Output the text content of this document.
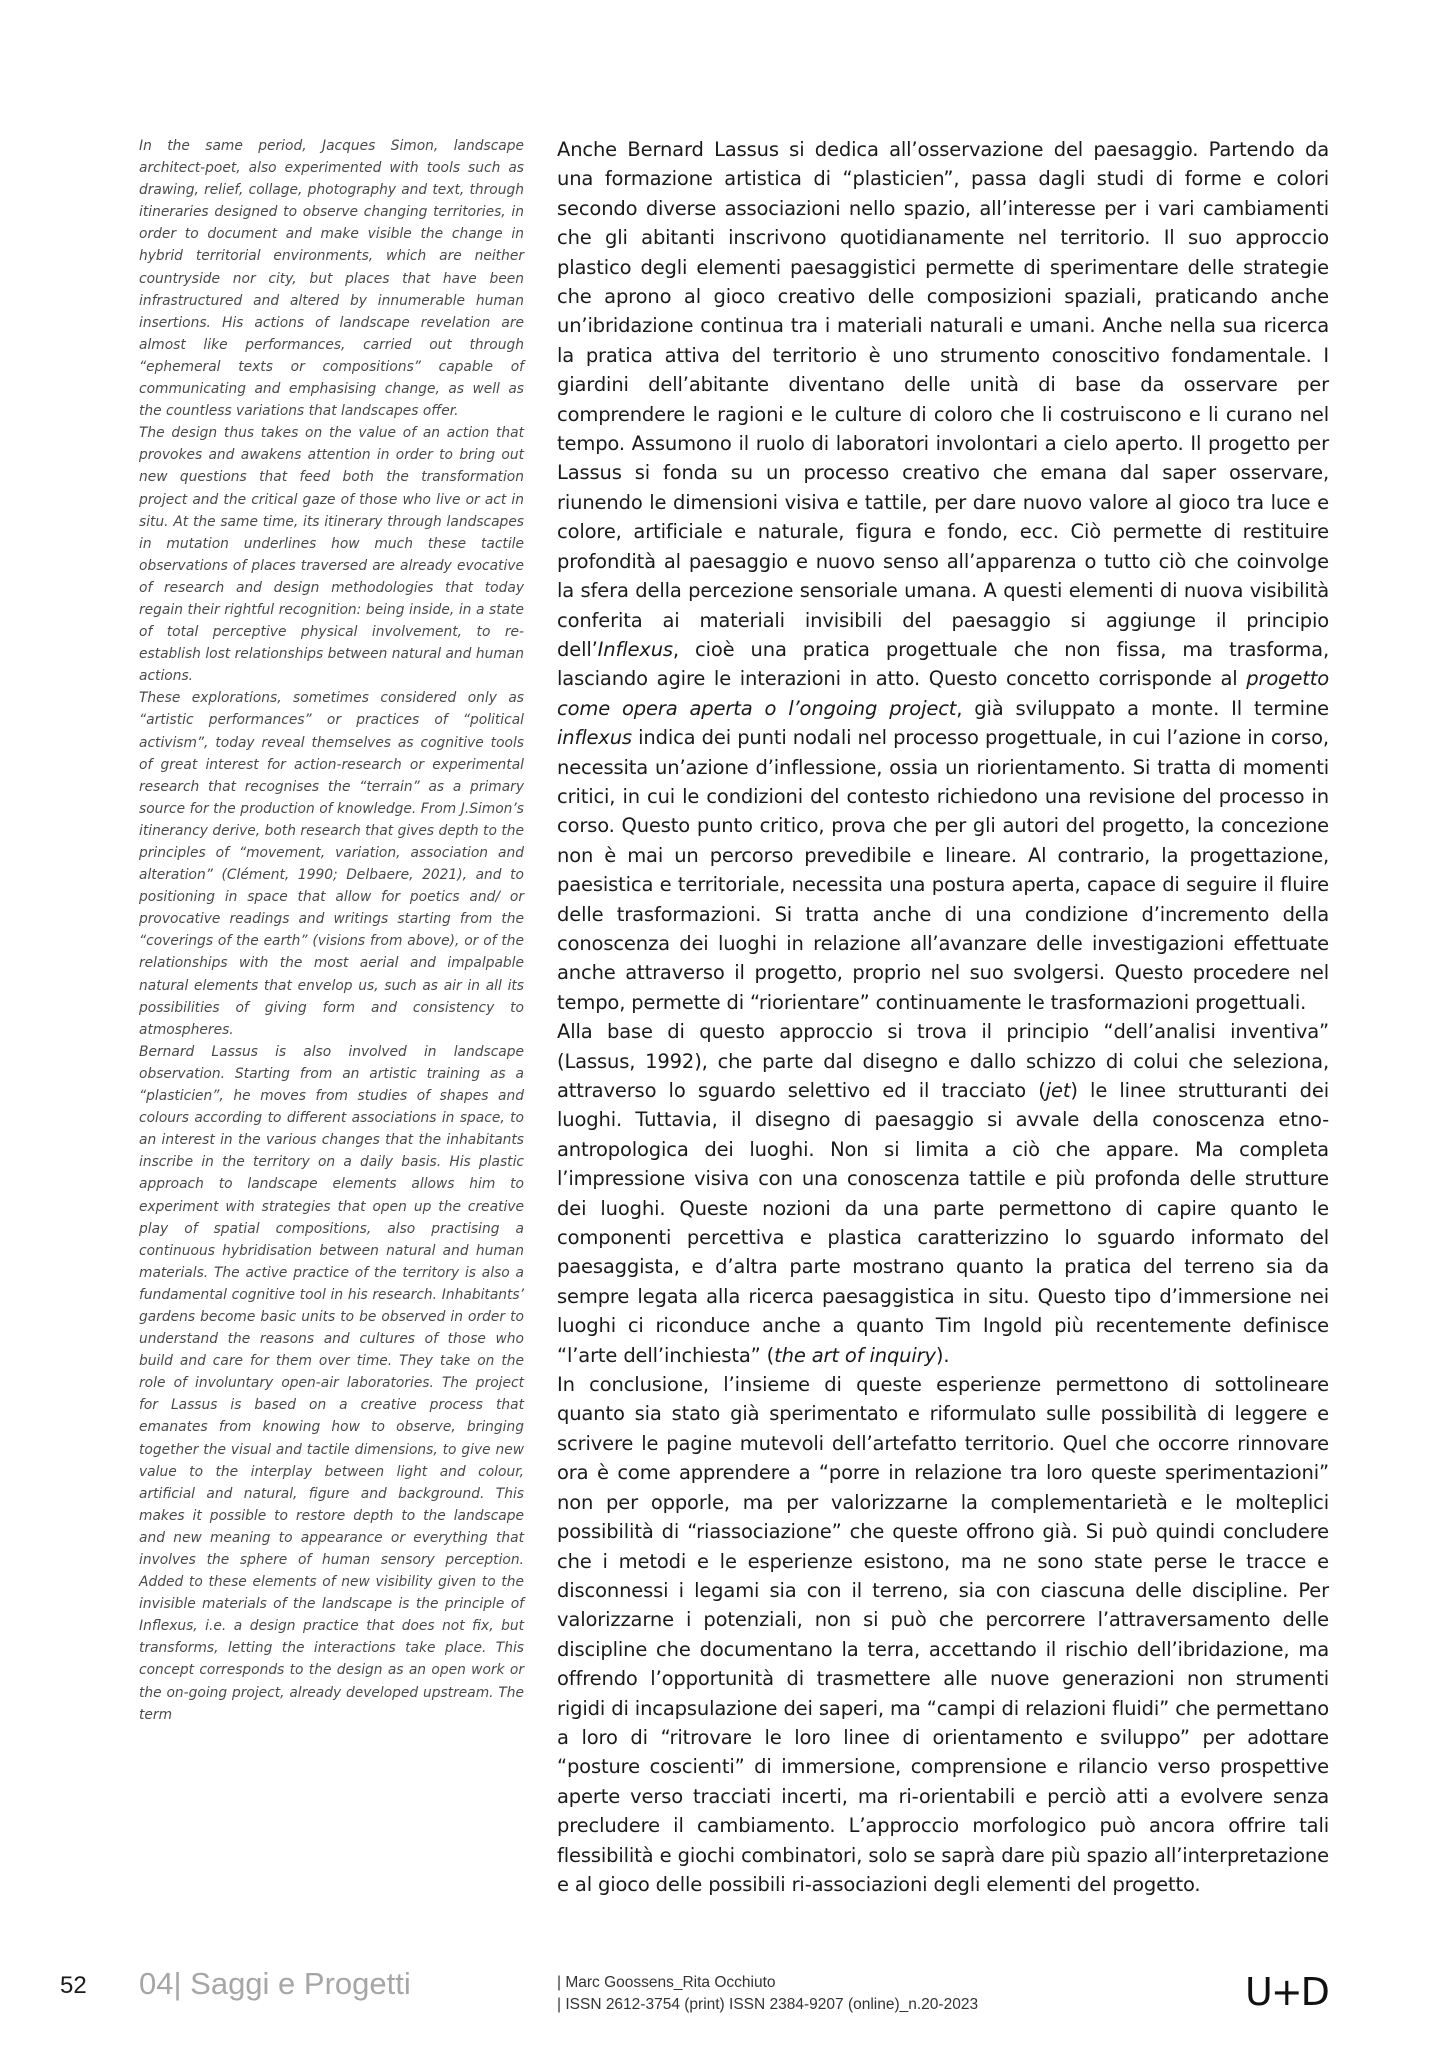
In the same period, Jacques Simon, landscape architect-poet, also experimented with tools such as drawing, relief, collage, photography and text, through itineraries designed to observe changing territories, in order to document and make visible the change in hybrid territorial environments, which are neither countryside nor city, but places that have been infrastructured and altered by innumerable human insertions. His actions of landscape revelation are almost like performances, carried out through “ephemeral texts or compositions” capable of communicating and emphasising change, as well as the countless variations that landscapes offer.

The design thus takes on the value of an action that provokes and awakens attention in order to bring out new questions that feed both the transformation project and the critical gaze of those who live or act in situ. At the same time, its itinerary through landscapes in mutation underlines how much these tactile observations of places traversed are already evocative of research and design methodologies that today regain their rightful recognition: being inside, in a state of total perceptive physical involvement, to re-establish lost relationships between natural and human actions.

These explorations, sometimes considered only as “artistic performances” or practices of “political activism”, today reveal themselves as cognitive tools of great interest for action-research or experimental research that recognises the “terrain” as a primary source for the production of knowledge. From J.Simon’s itinerancy derive, both research that gives depth to the principles of “movement, variation, association and alteration” (Clément, 1990; Delbaere, 2021), and to positioning in space that allow for poetics and/ or provocative readings and writings starting from the “coverings of the earth” (visions from above), or of the relationships with the most aerial and impalpable natural elements that envelop us, such as air in all its possibilities of giving form and consistency to atmospheres.

Bernard Lassus is also involved in landscape observation. Starting from an artistic training as a “plasticien”, he moves from studies of shapes and colours according to different associations in space, to an interest in the various changes that the inhabitants inscribe in the territory on a daily basis. His plastic approach to landscape elements allows him to experiment with strategies that open up the creative play of spatial compositions, also practising a continuous hybridisation between natural and human materials. The active practice of the territory is also a fundamental cognitive tool in his research. Inhabitants’ gardens become basic units to be observed in order to understand the reasons and cultures of those who build and care for them over time. They take on the role of involuntary open-air laboratories. The project for Lassus is based on a creative process that emanates from knowing how to observe, bringing together the visual and tactile dimensions, to give new value to the interplay between light and colour, artificial and natural, figure and background. This makes it possible to restore depth to the landscape and new meaning to appearance or everything that involves the sphere of human sensory perception. Added to these elements of new visibility given to the invisible materials of the landscape is the principle of Inflexus, i.e. a design practice that does not fix, but transforms, letting the interactions take place. This concept corresponds to the design as an open work or the on-going project, already developed upstream. The term

Anche Bernard Lassus si dedica all’osservazione del paesaggio. Partendo da una formazione artistica di “plasticien”, passa dagli studi di forme e colori secondo diverse associazioni nello spazio, all’interesse per i vari cambiamenti che gli abitanti inscrivono quotidianamente nel territorio. Il suo approccio plastico degli elementi paesaggistici permette di sperimentare delle strategie che aprono al gioco creativo delle composizioni spaziali, praticando anche un’ibridazione continua tra i materiali naturali e umani. Anche nella sua ricerca la pratica attiva del territorio è uno strumento conoscitivo fondamentale. I giardini dell’abitante diventano delle unità di base da osservare per comprendere le ragioni e le culture di coloro che li costruiscono e li curano nel tempo. Assumono il ruolo di laboratori involontari a cielo aperto. Il progetto per Lassus si fonda su un processo creativo che emana dal saper osservare, riunendo le dimensioni visiva e tattile, per dare nuovo valore al gioco tra luce e colore, artificiale e naturale, figura e fondo, ecc. Ciò permette di restituire profondità al paesaggio e nuovo senso all’apparenza o tutto ciò che coinvolge la sfera della percezione sensoriale umana. A questi elementi di nuova visibilità conferita ai materiali invisibili del paesaggio si aggiunge il principio dell’Inflexus, cioè una pratica progettuale che non fissa, ma trasforma, lasciando agire le interazioni in atto. Questo concetto corrisponde al progetto come opera aperta o l’ongoing project, già sviluppato a monte. Il termine inflexus indica dei punti nodali nel processo progettuale, in cui l’azione in corso, necessita un’azione d’inflessione, ossia un riorientamento. Si tratta di momenti critici, in cui le condizioni del contesto richiedono una revisione del processo in corso. Questo punto critico, prova che per gli autori del progetto, la concezione non è mai un percorso prevedibile e lineare. Al contrario, la progettazione, paesistica e territoriale, necessita una postura aperta, capace di seguire il fluire delle trasformazioni. Si tratta anche di una condizione d’incremento della conoscenza dei luoghi in relazione all’avanzare delle investigazioni effettuate anche attraverso il progetto, proprio nel suo svolgersi. Questo procedere nel tempo, permette di “riorientare” continuamente le trasformazioni progettuali.

Alla base di questo approccio si trova il principio “dell’analisi inventiva” (Lassus, 1992), che parte dal disegno e dallo schizzo di colui che seleziona, attraverso lo sguardo selettivo ed il tracciato (jet) le linee strutturanti dei luoghi. Tuttavia, il disegno di paesaggio si avvale della conoscenza etno-antropologica dei luoghi. Non si limita a ciò che appare. Ma completa l’impressione visiva con una conoscenza tattile e più profonda delle strutture dei luoghi. Queste nozioni da una parte permettono di capire quanto le componenti percettiva e plastica caratterizzino lo sguardo informato del paesaggista, e d’altra parte mostrano quanto la pratica del terreno sia da sempre legata alla ricerca paesaggistica in situ. Questo tipo d’immersione nei luoghi ci riconduce anche a quanto Tim Ingold più recentemente definisce “l’arte dell’inchiesta” (the art of inquiry).

In conclusione, l’insieme di queste esperienze permettono di sottolineare quanto sia stato già sperimentato e riformulato sulle possibilità di leggere e scrivere le pagine mutevoli dell’artefatto territorio. Quel che occorre rinnovare ora è come apprendere a “porre in relazione tra loro queste sperimentazioni” non per opporle, ma per valorizzarne la complementarietà e le molteplici possibilità di “riassociazione” che queste offrono già. Si può quindi concludere che i metodi e le esperienze esistono, ma ne sono state perse le tracce e disconnessi i legami sia con il terreno, sia con ciascuna delle discipline. Per valorizzarne i potenziali, non si può che percorrere l’attraversamento delle discipline che documentano la terra, accettando il rischio dell’ibridazione, ma offrendo l’opportunità di trasmettere alle nuove generazioni non strumenti rigidi di incapsulazione dei saperi, ma “campi di relazioni fluidi” che permettano a loro di “ritrovare le loro linee di orientamento e sviluppo” per adottare “posture coscienti” di immersione, comprensione e rilancio verso prospettive aperte verso tracciati incerti, ma ri-orientabili e perciò atti a evolvere senza precludere il cambiamento. L’approccio morfologico può ancora offrire tali flessibilità e giochi combinatori, solo se saprà dare più spazio all’interpretazione e al gioco delle possibili ri-associazioni degli elementi del progetto.

52 04| Saggi e Progetti	| Marc Goossens_Rita Occhiuto
| ISSN 2612-3754 (print) ISSN 2384-9207 (online)_n.20-2023	U+D
